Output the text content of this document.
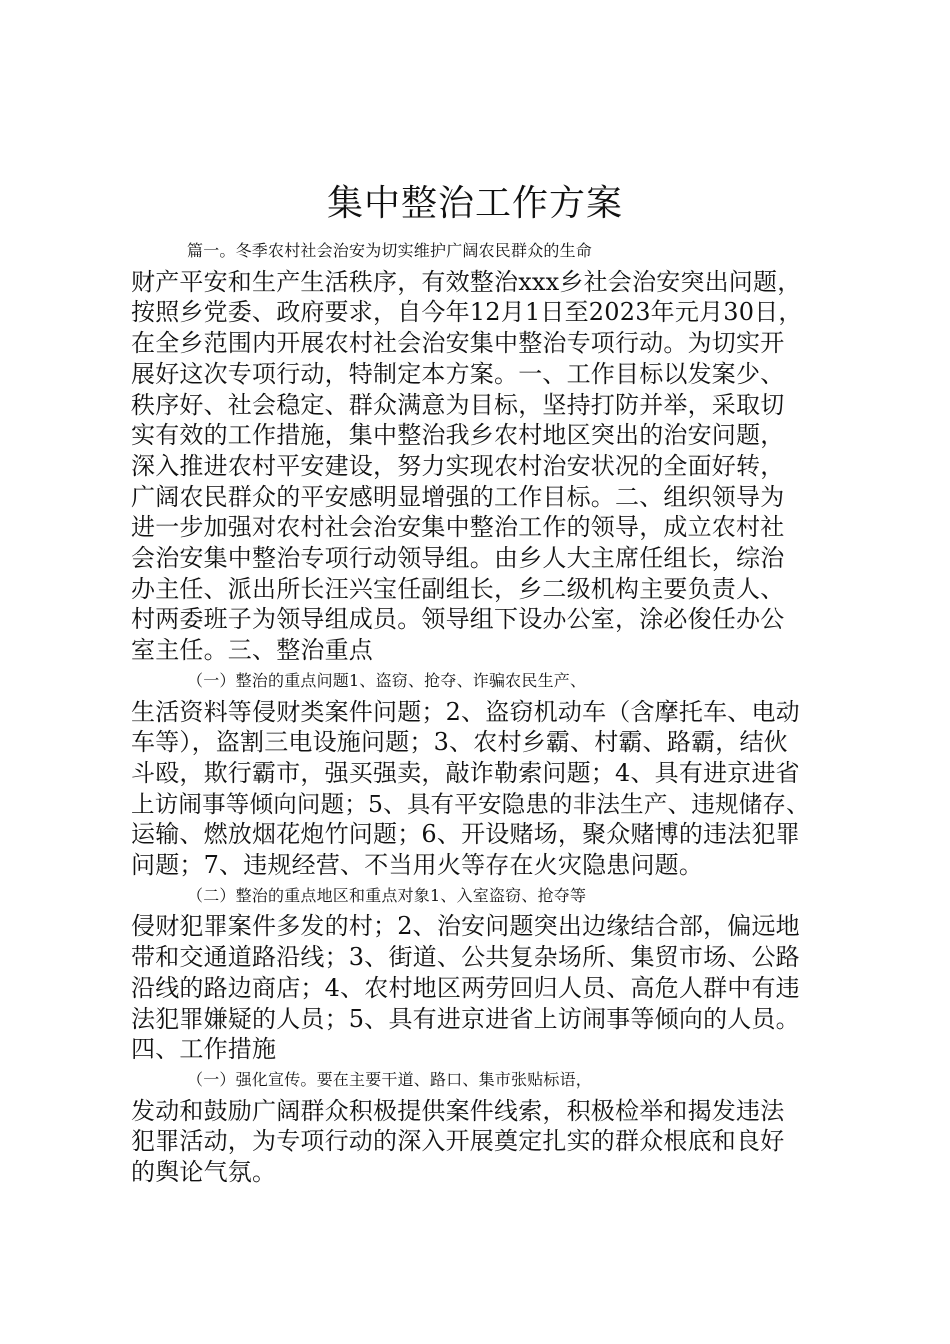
集中整治工作方案
篇一。冬季农村社会治安为切实维护广阔农民群众的生命
财产平安和生产生活秩序，有效整治xxx乡社会治安突出问题，
按照乡党委、政府要求，自今年12月1日至2023年元月30日，
在全乡范围内开展农村社会治安集中整治专项行动。为切实开
展好这次专项行动，特制定本方案。一、工作目标以发案少、
秩序好、社会稳定、群众满意为目标，坚持打防并举，采取切
实有效的工作措施，集中整治我乡农村地区突出的治安问题，
深入推进农村平安建设，努力实现农村治安状况的全面好转，
广阔农民群众的平安感明显增强的工作目标。二、组织领导为
进一步加强对农村社会治安集中整治工作的领导，成立农村社
会治安集中整治专项行动领导组。由乡人大主席任组长，综治
办主任、派出所长汪兴宝任副组长，乡二级机构主要负责人、
村两委班子为领导组成员。领导组下设办公室，涂必俊任办公
室主任。三、整治重点
（一）整治的重点问题1、盗窃、抢夺、诈骗农民生产、
生活资料等侵财类案件问题；2、盗窃机动车（含摩托车、电动
车等），盗割三电设施问题；3、农村乡霸、村霸、路霸，结伙
斗殴，欺行霸市，强买强卖，敲诈勒索问题；4、具有进京进省
上访闹事等倾向问题；5、具有平安隐患的非法生产、违规储存、
运输、燃放烟花炮竹问题；6、开设赌场，聚众赌博的违法犯罪
问题；7、违规经营、不当用火等存在火灾隐患问题。
（二）整治的重点地区和重点对象1、入室盗窃、抢夺等
侵财犯罪案件多发的村；2、治安问题突出边缘结合部，偏远地
带和交通道路沿线；3、街道、公共复杂场所、集贸市场、公路
沿线的路边商店；4、农村地区两劳回归人员、高危人群中有违
法犯罪嫌疑的人员；5、具有进京进省上访闹事等倾向的人员。
四、工作措施
（一）强化宣传。要在主要干道、路口、集市张贴标语，
发动和鼓励广阔群众积极提供案件线索，积极检举和揭发违法
犯罪活动，为专项行动的深入开展奠定扎实的群众根底和良好
的舆论气氛。
